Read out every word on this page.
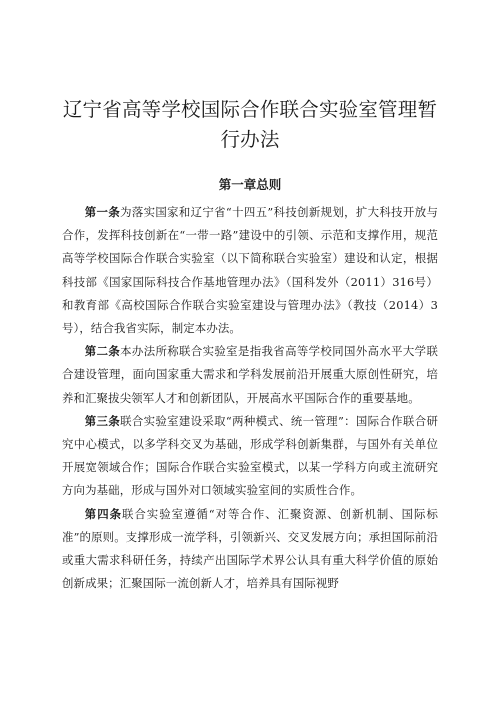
辽宁省高等学校国际合作联合实验室管理暂行办法
第一章总则

第一条为落实国家和辽宁省“十四五”科技创新规划，扩大科技开放与合作，发挥科技创新在“一带一路”建设中的引领、示范和支撑作用，规范高等学校国际合作联合实验室（以下简称联合实验室）建设和认定，根据科技部《国家国际科技合作基地管理办法》（国科发外（2011）316号）和教育部《高校国际合作联合实验室建设与管理办法》（教技（2014）3号），结合我省实际，制定本办法。

第二条本办法所称联合实验室是指我省高等学校同国外高水平大学联合建设管理，面向国家重大需求和学科发展前沿开展重大原创性研究，培养和汇聚拔尖领军人才和创新团队，开展高水平国际合作的重要基地。

第三条联合实验室建设采取“两种模式、统一管理”：国际合作联合研究中心模式，以多学科交叉为基础，形成学科创新集群，与国外有关单位开展宽领域合作；国际合作联合实验室模式，以某一学科方向或主流研究方向为基础，形成与国外对口领域实验室间的实质性合作。

第四条联合实验室遵循“对等合作、汇聚资源、创新机制、国际标准”的原则。支撑形成一流学科，引领新兴、交叉发展方向；承担国际前沿或重大需求科研任务，持续产出国际学术界公认具有重大科学价值的原始创新成果；汇聚国际一流创新人才，培养具有国际视野
